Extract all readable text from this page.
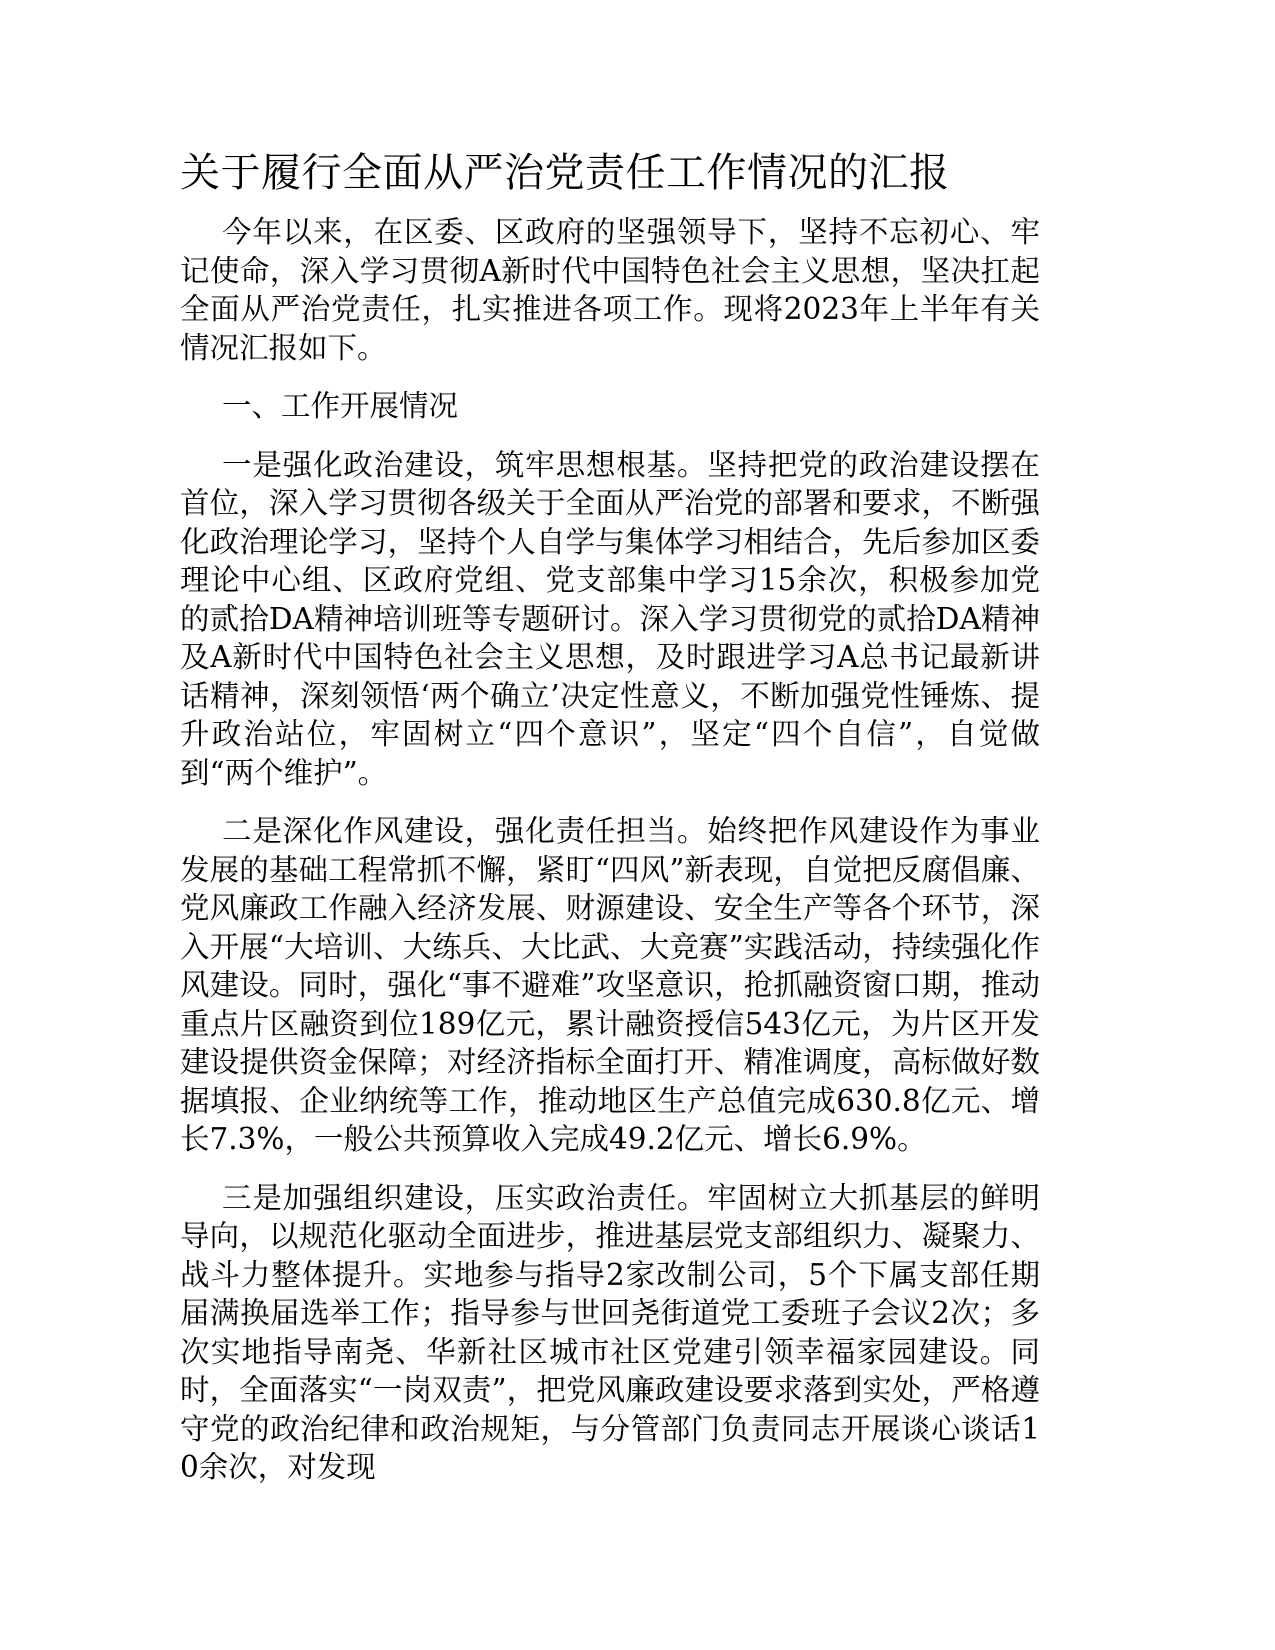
关于履行全面从严治党责任工作情况的汇报

今年以来，在区委、区政府的坚强领导下，坚持不忘初心、牢记使命，深入学习贯彻A新时代中国特色社会主义思想，坚决扛起全面从严治党责任，扎实推进各项工作。现将2023年上半年有关情况汇报如下。

一、工作开展情况

一是强化政治建设，筑牢思想根基。坚持把党的政治建设摆在首位，深入学习贯彻各级关于全面从严治党的部署和要求，不断强化政治理论学习，坚持个人自学与集体学习相结合，先后参加区委理论中心组、区政府党组、党支部集中学习15余次，积极参加党的贰拾DA精神培训班等专题研讨。深入学习贯彻党的贰拾DA精神及A新时代中国特色社会主义思想，及时跟进学习A总书记最新讲话精神，深刻领悟‘两个确立’决定性意义，不断加强党性锤炼、提升政治站位，牢固树立“四个意识”，坚定“四个自信”，自觉做到“两个维护”。

二是深化作风建设，强化责任担当。始终把作风建设作为事业发展的基础工程常抓不懈，紧盯“四风”新表现，自觉把反腐倡廉、党风廉政工作融入经济发展、财源建设、安全生产等各个环节，深入开展“大培训、大练兵、大比武、大竞赛”实践活动，持续强化作风建设。同时，强化“事不避难”攻坚意识，抢抓融资窗口期，推动重点片区融资到位189亿元，累计融资授信543亿元，为片区开发建设提供资金保障；对经济指标全面打开、精准调度，高标做好数据填报、企业纳统等工作，推动地区生产总值完成630.8亿元、增长7.3%，一般公共预算收入完成49.2亿元、增长6.9%。

三是加强组织建设，压实政治责任。牢固树立大抓基层的鲜明导向，以规范化驱动全面进步，推进基层党支部组织力、凝聚力、战斗力整体提升。实地参与指导2家改制公司，5个下属支部任期届满换届选举工作；指导参与世回尧街道党工委班子会议2次；多次实地指导南尧、华新社区城市社区党建引领幸福家园建设。同时，全面落实“一岗双责”，把党风廉政建设要求落到实处，严格遵守党的政治纪律和政治规矩，与分管部门负责同志开展谈心谈话10余次，对发现
